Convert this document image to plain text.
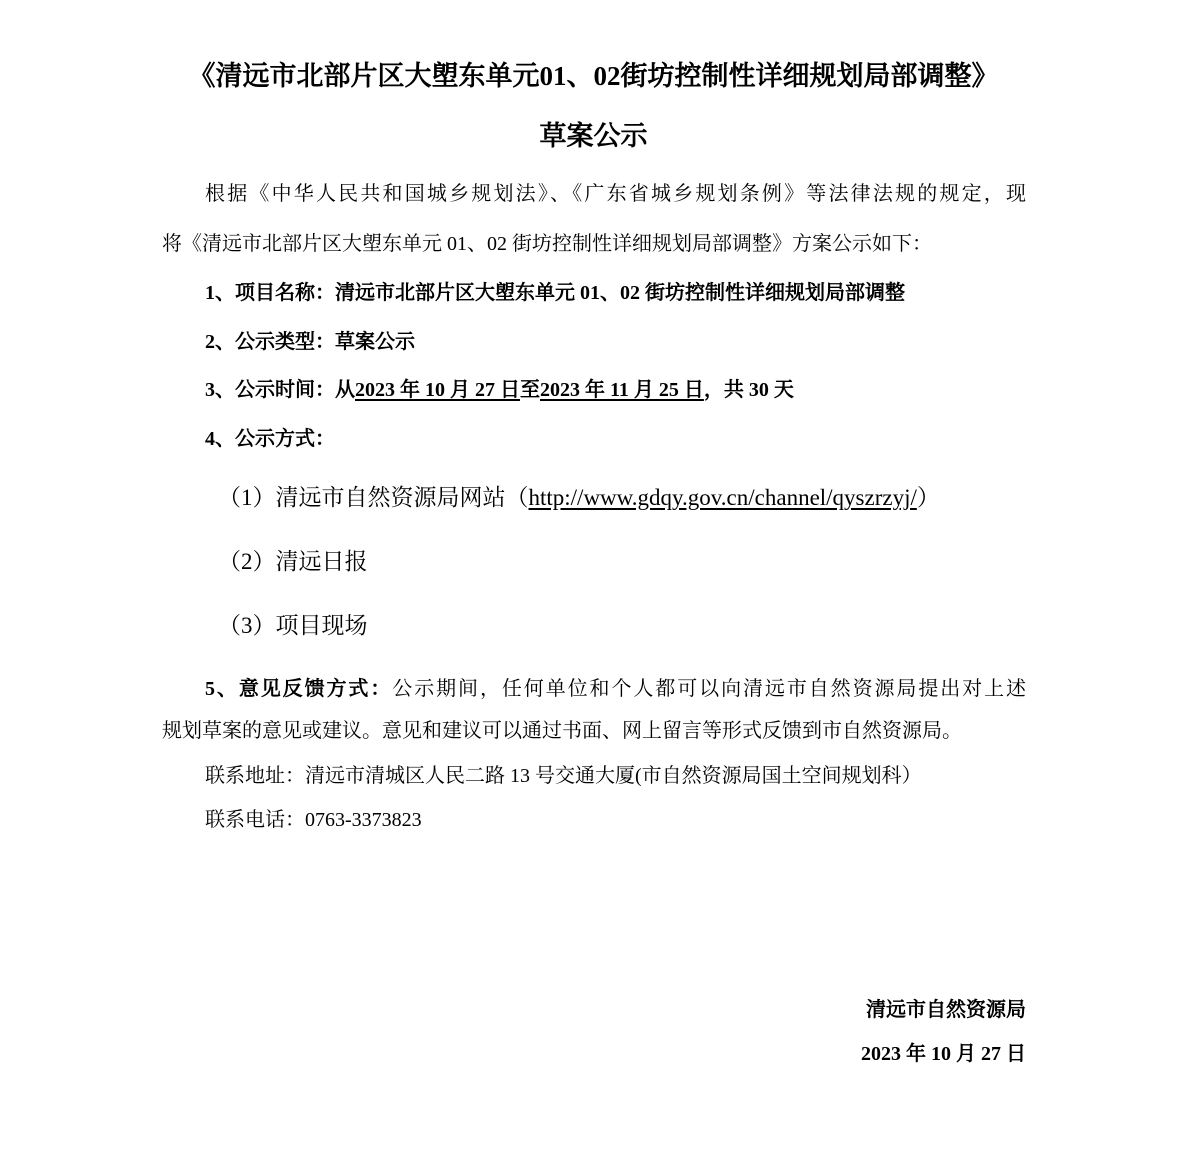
《清远市北部片区大塱东单元01、02街坊控制性详细规划局部调整》
草案公示
根据《中华人民共和国城乡规划法》、《广东省城乡规划条例》等法律法规的规定，现
将《清远市北部片区大塱东单元 01、02 街坊控制性详细规划局部调整》方案公示如下：
1、项目名称：清远市北部片区大塱东单元 01、02 街坊控制性详细规划局部调整
2、公示类型：草案公示
3、公示时间：从2023 年 10 月 27 日至2023 年 11 月 25 日，共 30 天
4、公示方式：
（1）清远市自然资源局网站（http://www.gdqy.gov.cn/channel/qyszrzyj/）
（2）清远日报
（3）项目现场
5、意见反馈方式：公示期间，任何单位和个人都可以向清远市自然资源局提出对上述
规划草案的意见或建议。意见和建议可以通过书面、网上留言等形式反馈到市自然资源局。
联系地址：清远市清城区人民二路 13 号交通大厦(市自然资源局国土空间规划科）
联系电话：0763-3373823
清远市自然资源局
2023 年 10 月 27 日
